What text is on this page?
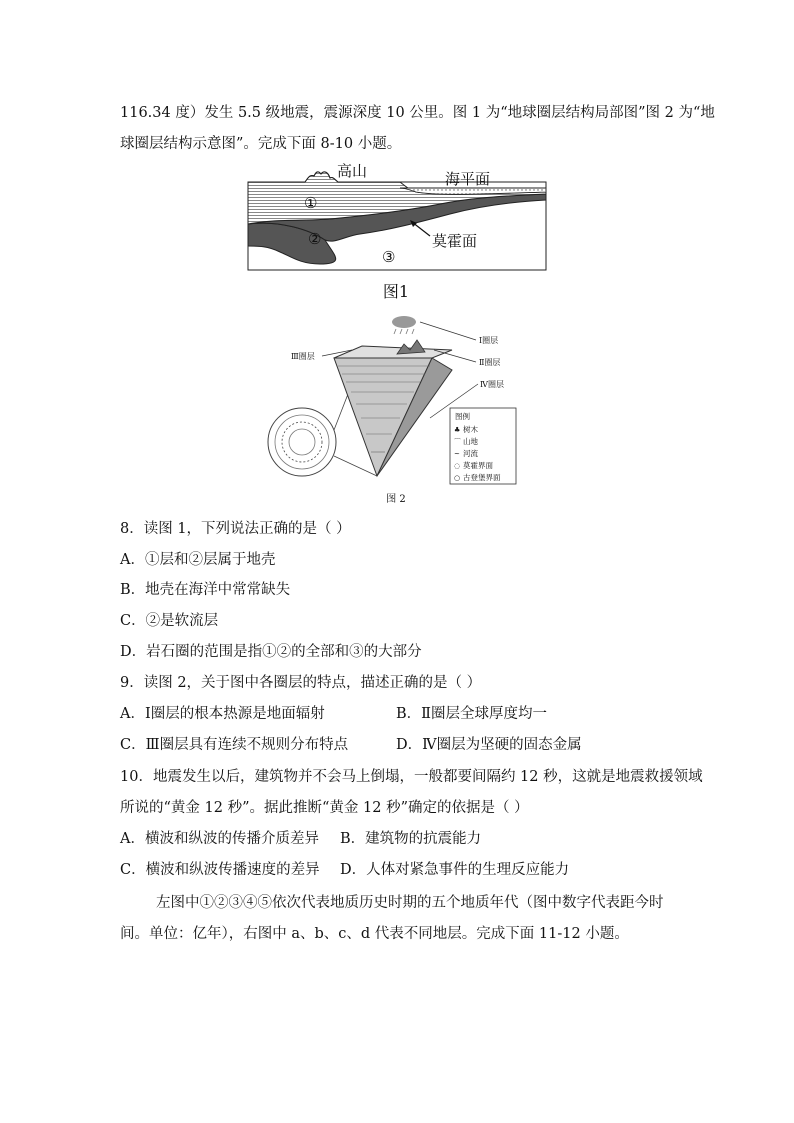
116.34 度）发生 5.5 级地震，震源深度 10 公里。图 1 为“地球圈层结构局部图”图 2 为“地
球圈层结构示意图”。完成下面 8-10 小题。
高山	海平面
①
②
③
莫霍面
图1
Ⅰ圈层
Ⅱ圈层
Ⅲ圈层
Ⅳ圈层
图例
♣ 树木
⌒ 山地
~ 河流
◌ 莫霍界面
○ 古登堡界面
图 2
8．读图 1，下列说法正确的是（ ）
A．①层和②层属于地壳
B．地壳在海洋中常常缺失
C．②是软流层
D．岩石圈的范围是指①②的全部和③的大部分
9．读图 2，关于图中各圈层的特点，描述正确的是（ ）
A．Ⅰ圈层的根本热源是地面辐射	B．Ⅱ圈层全球厚度均一
C．Ⅲ圈层具有连续不规则分布特点	D．Ⅳ圈层为坚硬的固态金属
10．地震发生以后，建筑物并不会马上倒塌，一般都要间隔约 12 秒，这就是地震救援领域
所说的“黄金 12 秒”。据此推断“黄金 12 秒”确定的依据是（ ）
A．横波和纵波的传播介质差异 B．建筑物的抗震能力
C．横波和纵波传播速度的差异 D．人体对紧急事件的生理反应能力
左图中①②③④⑤依次代表地质历史时期的五个地质年代（图中数字代表距今时
间。单位：亿年），右图中 a、b、c、d 代表不同地层。完成下面 11-12 小题。
